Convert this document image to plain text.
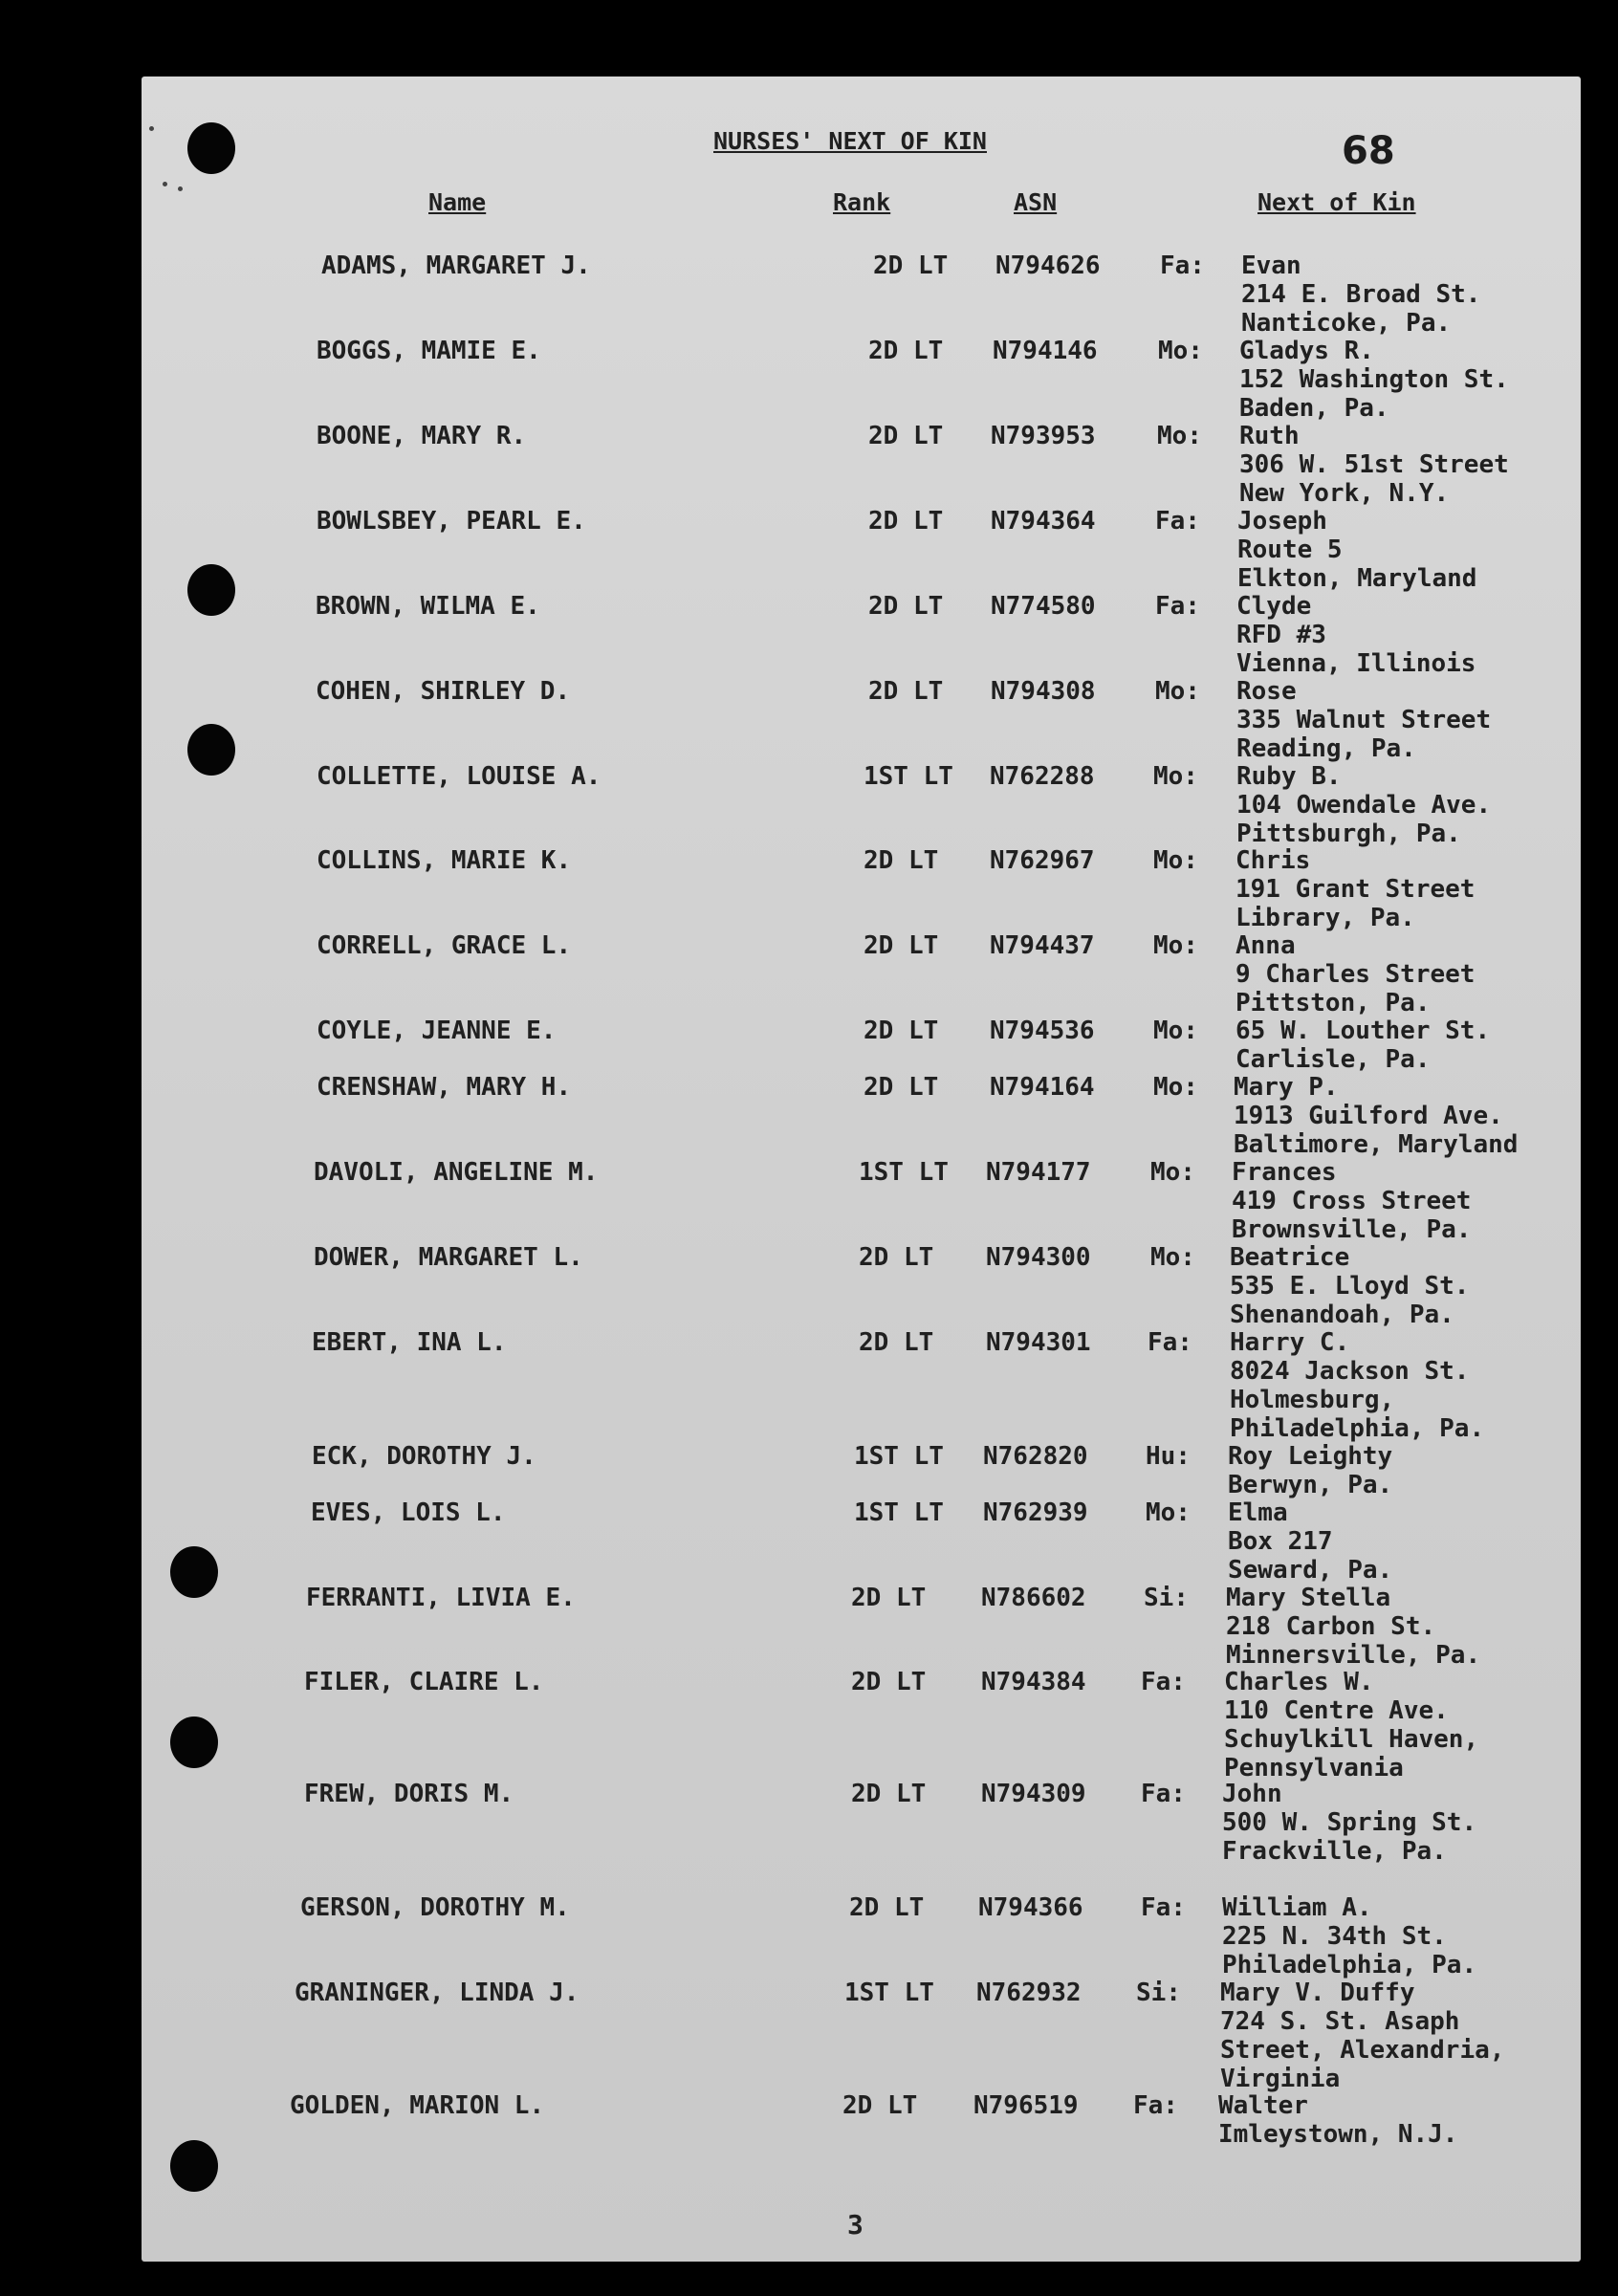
NURSES' NEXT OF KIN	68
Name	Rank	ASN	Next of Kin
ADAMS, MARGARET J.	2D LT N794626 Fa: Evan
214 E. Broad St.
Nanticoke, Pa.
BOGGS, MAMIE E.	2D LT N794146 Mo: Gladys R.
152 Washington St.
Baden, Pa.
BOONE, MARY R.	2D LT N793953 Mo: Ruth
306 W. 51st Street
New York, N.Y.
BOWLSBEY, PEARL E.	2D LT N794364 Fa: Joseph
Route 5
Elkton, Maryland
BROWN, WILMA E.	2D LT N774580 Fa: Clyde
RFD #3
Vienna, Illinois
COHEN, SHIRLEY D.	2D LT N794308 Mo: Rose
335 Walnut Street
Reading, Pa.
COLLETTE, LOUISE A.	1ST LT N762288 Mo: Ruby B.
104 Owendale Ave.
Pittsburgh, Pa.
COLLINS, MARIE K.	2D LT N762967 Mo: Chris
191 Grant Street
Library, Pa.
CORRELL, GRACE L.	2D LT N794437 Mo: Anna
9 Charles Street
Pittston, Pa.
COYLE, JEANNE E.	2D LT N794536 Mo: 65 W. Louther St.
Carlisle, Pa.
CRENSHAW, MARY H.	2D LT N794164 Mo: Mary P.
1913 Guilford Ave.
Baltimore, Maryland
DAVOLI, ANGELINE M.	1ST LT N794177 Mo: Frances
419 Cross Street
Brownsville, Pa.
DOWER, MARGARET L.	2D LT N794300 Mo: Beatrice
535 E. Lloyd St.
Shenandoah, Pa.
EBERT, INA L.	2D LT N794301 Fa: Harry C.
8024 Jackson St.
Holmesburg,
Philadelphia, Pa.
ECK, DOROTHY J.	1ST LT N762820 Hu: Roy Leighty
Berwyn, Pa.
EVES, LOIS L.	1ST LT N762939 Mo: Elma
Box 217
Seward, Pa.
FERRANTI, LIVIA E.	2D LT N786602 Si: Mary Stella
218 Carbon St.
Minnersville, Pa.
FILER, CLAIRE L.	2D LT N794384 Fa: Charles W.
110 Centre Ave.
Schuylkill Haven,
Pennsylvania
FREW, DORIS M.	2D LT N794309 Fa: John
500 W. Spring St.
Frackville, Pa.
GERSON, DOROTHY M.	2D LT N794366 Fa: William A.
225 N. 34th St.
Philadelphia, Pa.
GRANINGER, LINDA J.	1ST LT N762932 Si: Mary V. Duffy
724 S. St. Asaph
Street, Alexandria,
Virginia
GOLDEN, MARION L.	2D LT N796519 Fa: Walter
Imleystown, N.J.
3
